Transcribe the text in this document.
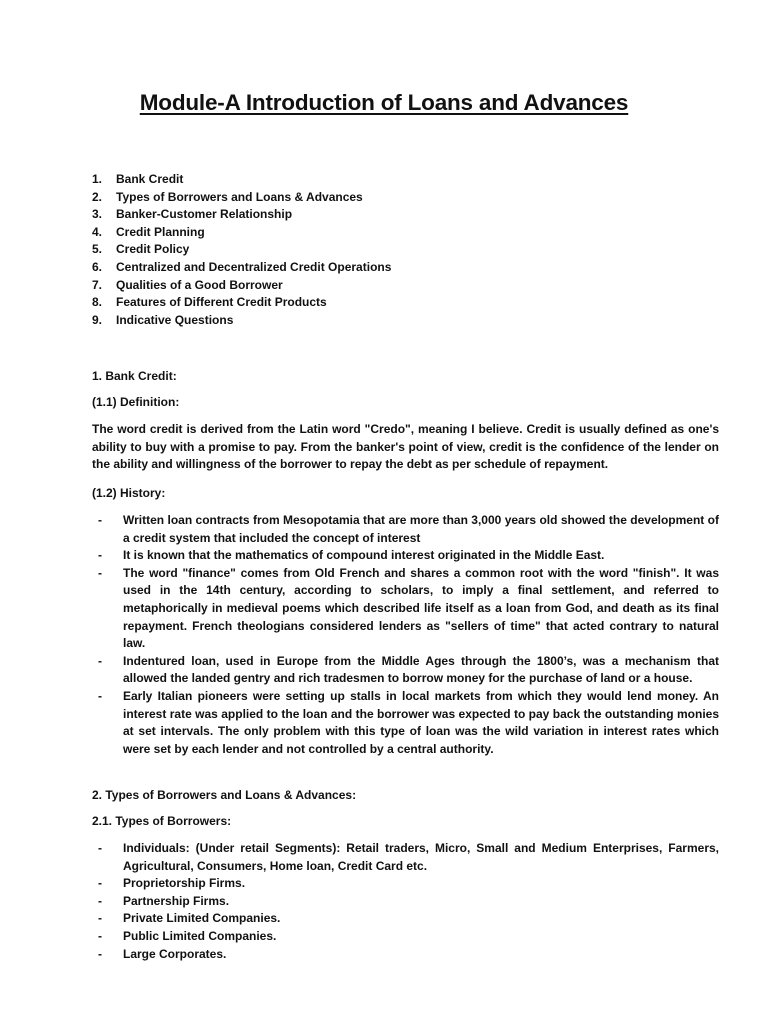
Module-A Introduction of Loans and Advances
1.	Bank Credit
2.	Types of Borrowers and Loans & Advances
3.	Banker-Customer Relationship
4.	Credit Planning
5.	Credit Policy
6.	Centralized and Decentralized Credit Operations
7.	Qualities of a Good Borrower
8.	Features of Different Credit Products
9.	Indicative Questions
1. Bank Credit:
(1.1) Definition:
The word credit is derived from the Latin word "Credo", meaning I believe. Credit is usually defined as one's ability to buy with a promise to pay. From the banker's point of view, credit is the confidence of the lender on the ability and willingness of the borrower to repay the debt as per schedule of repayment.
(1.2) History:
- Written loan contracts from Mesopotamia that are more than 3,000 years old showed the development of a credit system that included the concept of interest
- It is known that the mathematics of compound interest originated in the Middle East.
- The word "finance" comes from Old French and shares a common root with the word "finish". It was used in the 14th century, according to scholars, to imply a final settlement, and referred to metaphorically in medieval poems which described life itself as a loan from God, and death as its final repayment. French theologians considered lenders as "sellers of time" that acted contrary to natural law.
- Indentured loan, used in Europe from the Middle Ages through the 1800’s, was a mechanism that allowed the landed gentry and rich tradesmen to borrow money for the purchase of land or a house.
- Early Italian pioneers were setting up stalls in local markets from which they would lend money. An interest rate was applied to the loan and the borrower was expected to pay back the outstanding monies at set intervals. The only problem with this type of loan was the wild variation in interest rates which were set by each lender and not controlled by a central authority.
2. Types of Borrowers and Loans & Advances:
2.1. Types of Borrowers:
- Individuals: (Under retail Segments): Retail traders, Micro, Small and Medium Enterprises, Farmers, Agricultural, Consumers, Home loan, Credit Card etc.
- Proprietorship Firms.
- Partnership Firms.
- Private Limited Companies.
- Public Limited Companies.
- Large Corporates.
